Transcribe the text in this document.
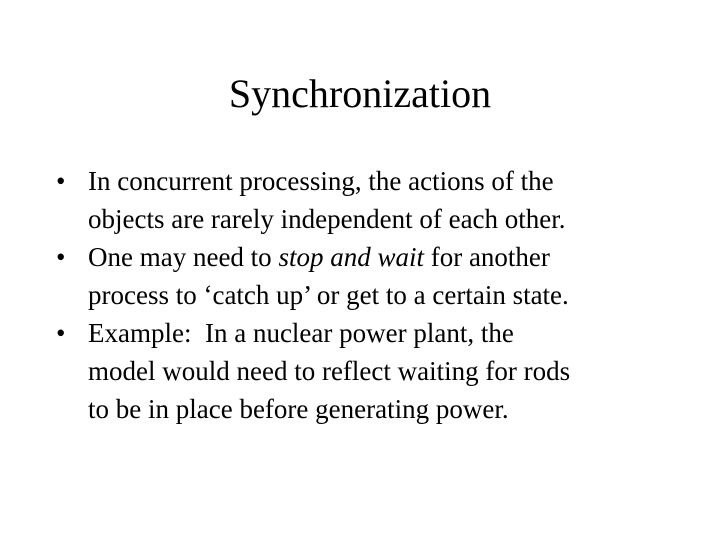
Synchronization
• In concurrent processing, the actions of the
objects are rarely independent of each other.
• One may need to stop and wait for another
process to ‘catch up’ or get to a certain state.
• Example:  In a nuclear power plant, the
model would need to reflect waiting for rods
to be in place before generating power.
